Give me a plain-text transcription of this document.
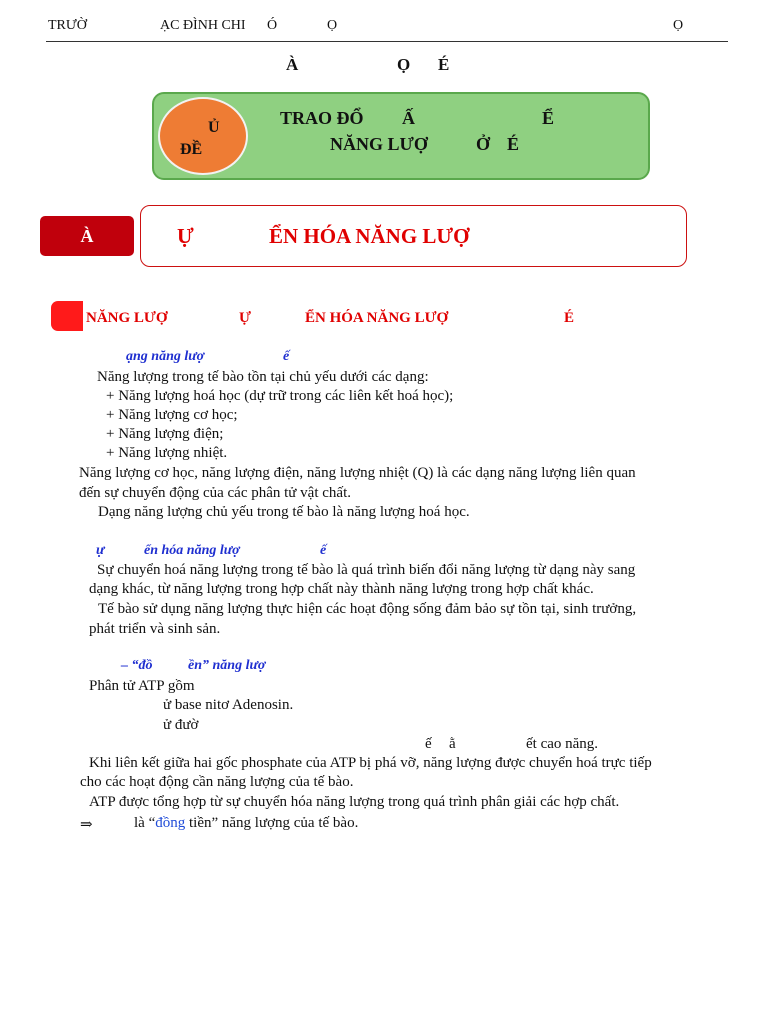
TRƯỜ	ẠC ĐÌNH CHI Ó	Ọ	Ọ
À	Ọ É
Ủ
ĐỀ
TRAO ĐỔ Ấ	Ể
NĂNG LƯỢ	Ở É
À	Ự	ỂN HÓA NĂNG LƯỢ
NĂNG LƯỢ	Ự	ỂN HÓA NĂNG LƯỢ	É
ạng năng lượ	ế
Năng lượng trong tế bào tồn tại chủ yếu dưới các dạng:
+ Năng lượng hoá học (dự trữ trong các liên kết hoá học);
+ Năng lượng cơ học;
+ Năng lượng điện;
+ Năng lượng nhiệt.
Năng lượng cơ học, năng lượng điện, năng lượng nhiệt (Q) là các dạng năng lượng liên quan
đến sự chuyển động của các phân tử vật chất.
Dạng năng lượng chủ yếu trong tế bào là năng lượng hoá học.
ự	ển hóa năng lượ	ế
Sự chuyển hoá năng lượng trong tế bào là quá trình biến đổi năng lượng từ dạng này sang
dạng khác, từ năng lượng trong hợp chất này thành năng lượng trong hợp chất khác.
Tế bào sử dụng năng lượng thực hiện các hoạt động sống đảm bảo sự tồn tại, sinh trưởng,
phát triển và sinh sản.
– “đồ	ền” năng lượ
Phân tử ATP gồm
ử base nitơ Adenosin.
ử đườ
ế ằ	ết cao năng.
Khi liên kết giữa hai gốc phosphate của ATP bị phá vỡ, năng lượng được chuyển hoá trực tiếp
cho các hoạt động cần năng lượng của tế bào.
ATP được tổng hợp từ sự chuyển hóa năng lượng trong quá trình phân giải các hợp chất.
⇒	là “đồng tiền” năng lượng của tế bào.
